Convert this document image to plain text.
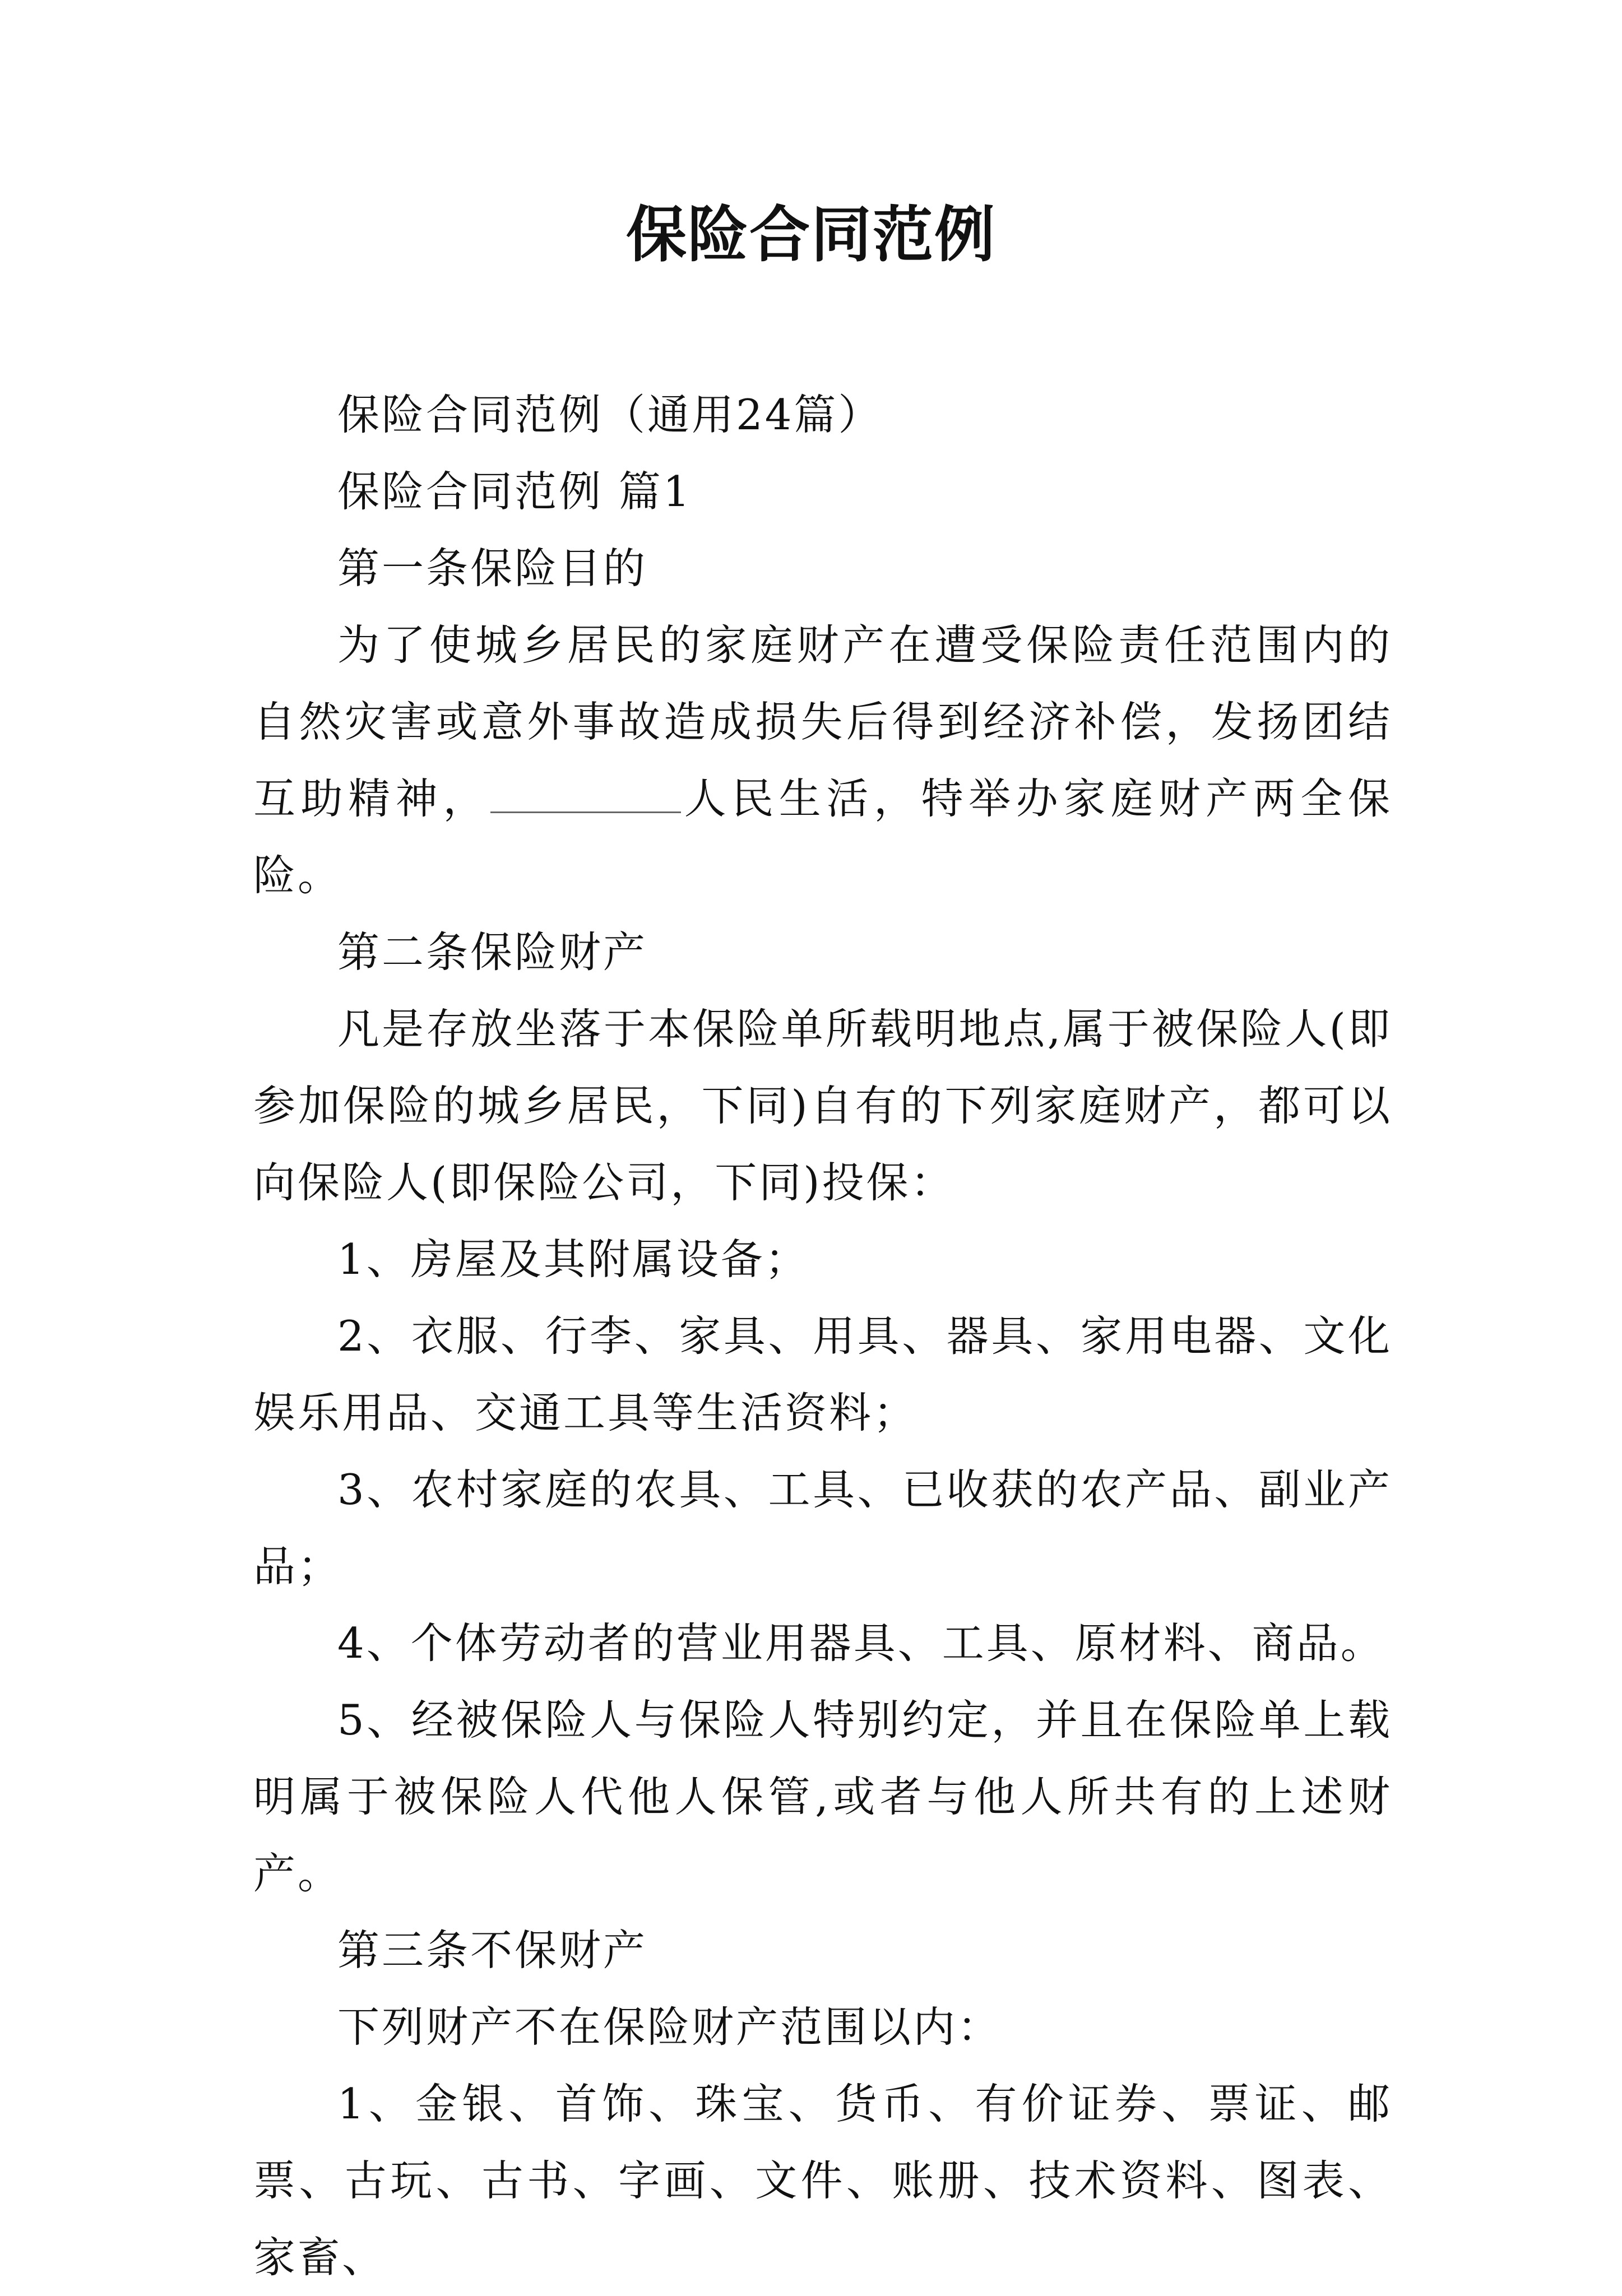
保险合同范例

保险合同范例（通用24篇）

保险合同范例 篇1

第一条保险目的

为了使城乡居民的家庭财产在遭受保险责任范围内的自然灾害或意外事故造成损失后得到经济补偿，发扬团结互助精神，	人民生活，特举办家庭财产两全保险。

第二条保险财产

凡是存放坐落于本保险单所载明地点,属于被保险人(即参加保险的城乡居民，下同)自有的下列家庭财产，都可以向保险人(即保险公司，下同)投保：

1、房屋及其附属设备；

2、衣服、行李、家具、用具、器具、家用电器、文化娱乐用品、交通工具等生活资料；

3、农村家庭的农具、工具、已收获的农产品、副业产品；

4、个体劳动者的营业用器具、工具、原材料、商品。

5、经被保险人与保险人特别约定，并且在保险单上载明属于被保险人代他人保管,或者与他人所共有的上述财产。

第三条不保财产

下列财产不在保险财产范围以内：

1、金银、首饰、珠宝、货币、有价证券、票证、邮票、古玩、古书、字画、文件、账册、技术资料、图表、家畜、
